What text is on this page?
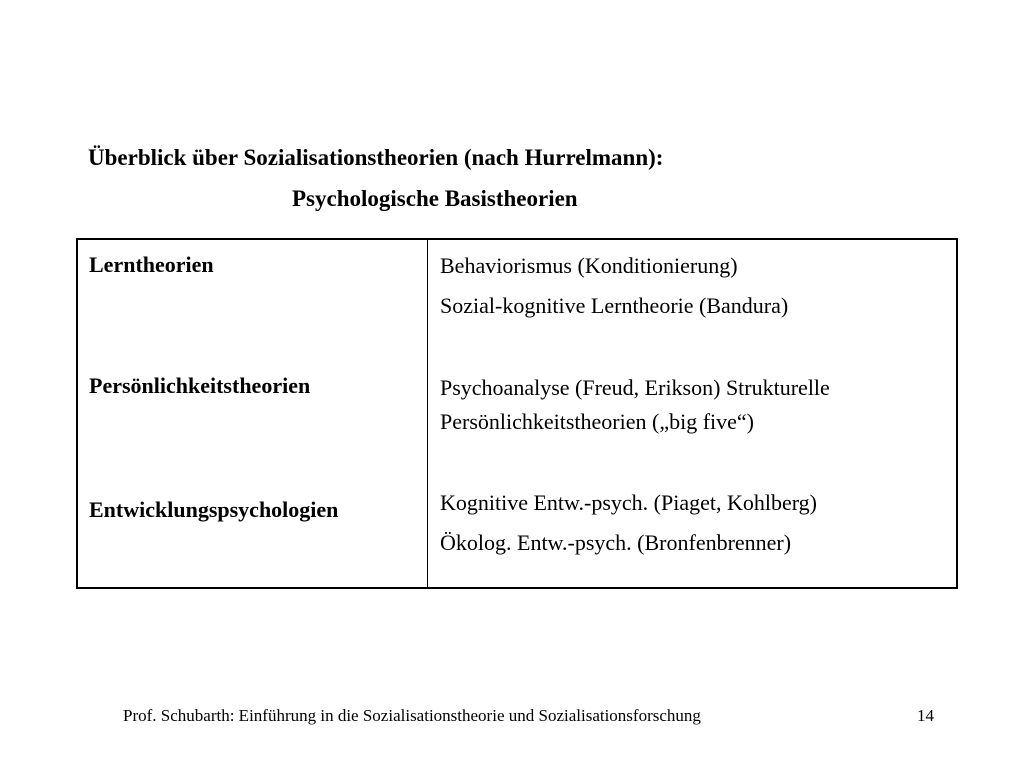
Überblick über Sozialisationstheorien (nach Hurrelmann):
Psychologische Basistheorien
Lerntheorien	Behaviorismus (Konditionierung)
Sozial-kognitive Lerntheorie (Bandura)
Persönlichkeitstheorien	Psychoanalyse (Freud, Erikson) Strukturelle
Persönlichkeitstheorien („big five“)
Entwicklungspsychologien	Kognitive Entw.-psych. (Piaget, Kohlberg)
Ökolog. Entw.-psych. (Bronfenbrenner)
Prof. Schubarth: Einführung in die Sozialisationstheorie und Sozialisationsforschung	14
